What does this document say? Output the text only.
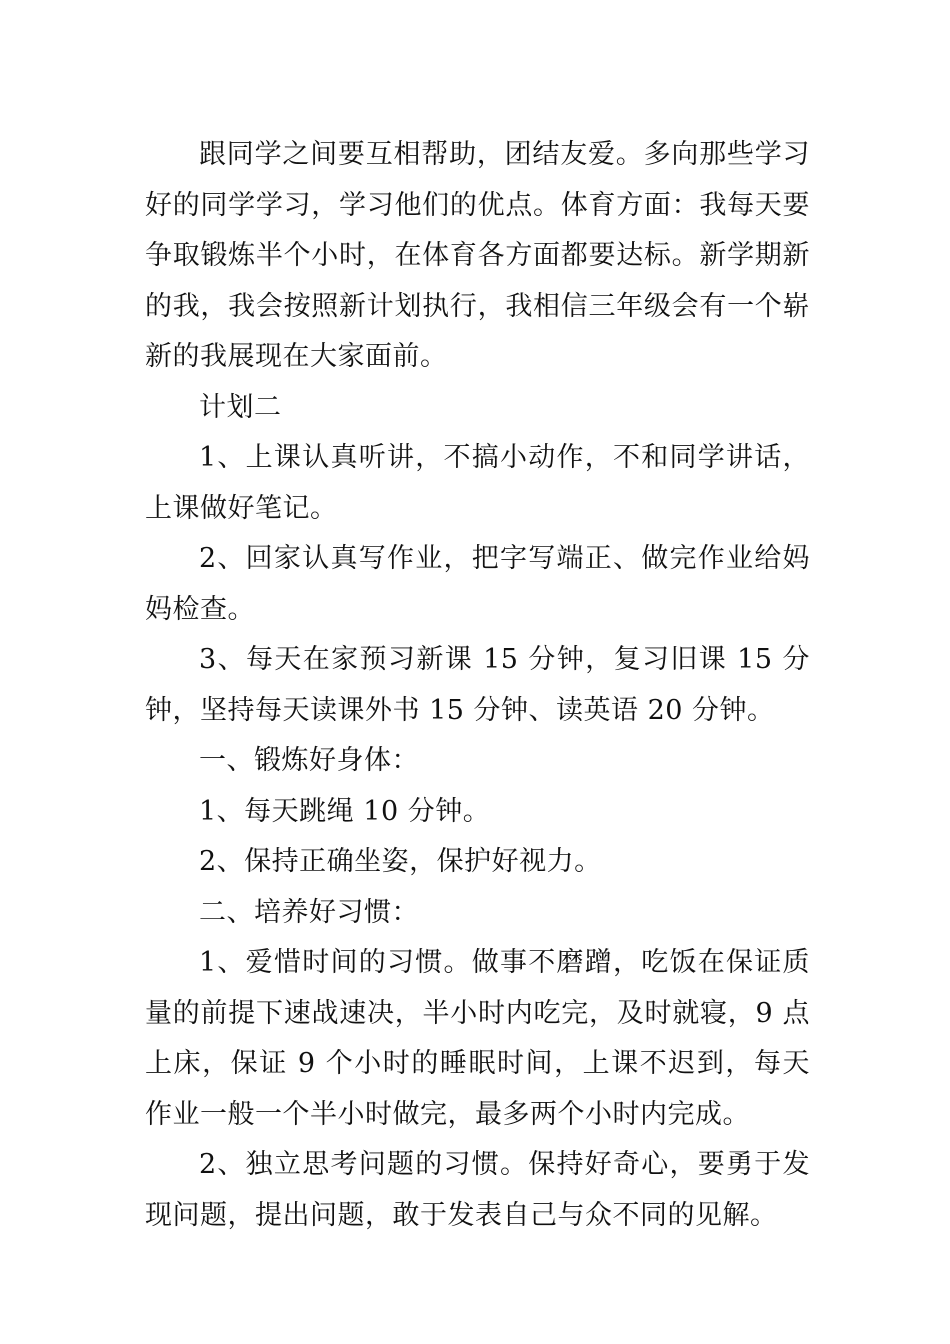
跟同学之间要互相帮助，团结友爱。多向那些学习好的同学学习，学习他们的优点。体育方面：我每天要争取锻炼半个小时，在体育各方面都要达标。新学期新的我，我会按照新计划执行，我相信三年级会有一个崭新的我展现在大家面前。

计划二

1、上课认真听讲，不搞小动作，不和同学讲话，上课做好笔记。

2、回家认真写作业，把字写端正、做完作业给妈妈检查。

3、每天在家预习新课 15 分钟，复习旧课 15 分钟，坚持每天读课外书 15 分钟、读英语 20 分钟。

一、锻炼好身体：

1、每天跳绳 10 分钟。

2、保持正确坐姿，保护好视力。

二、培养好习惯：

1、爱惜时间的习惯。做事不磨蹭，吃饭在保证质量的前提下速战速决，半小时内吃完，及时就寝，9 点上床，保证 9 个小时的睡眠时间，上课不迟到，每天作业一般一个半小时做完，最多两个小时内完成。

2、独立思考问题的习惯。保持好奇心，要勇于发现问题，提出问题，敢于发表自己与众不同的见解。
